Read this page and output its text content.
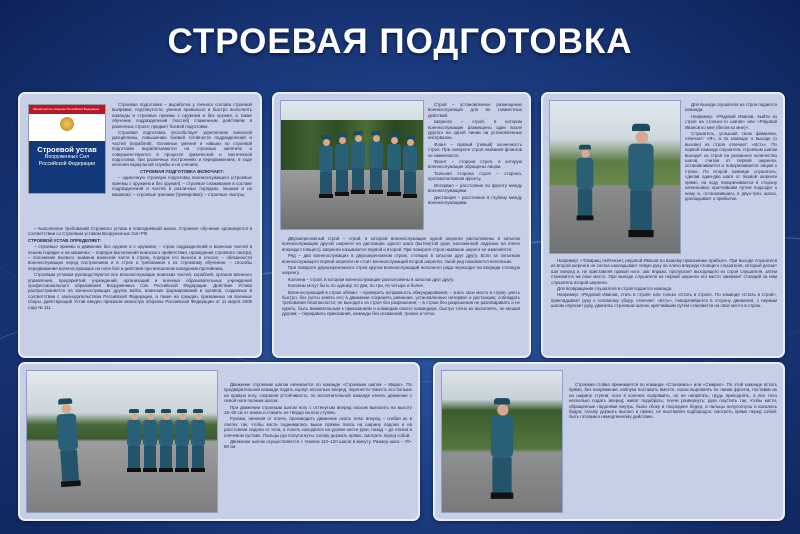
СТРОЕВАЯ ПОДГОТОВКА
Министерство обороны Российской Федерации
Строевой устав
Вооруженных Сил
Российской Федерации

Строевая подготовка – выработка у личного состава строевой выправки, подтянутости, умения правильно и быстро выполнять команды и строевые приемы с оружием и без оружия, а также обучение подразделений (частей) слаженным действиям в различных строях; предмет боевой подготовки.

Строевая подготовка способствует укреплению воинской дисциплины, повышению боевой готовности подразделений и частей (кораблей). Основные умения и навыки по строевой подготовке вырабатываются на строевых занятиях и совершенствуются в процессе физической и тактической подготовки, при различных построениях и передвижениях, в ходе несения караульной службы и на учениях.

СТРОЕВАЯ ПОДГОТОВКА ВКЛЮЧАЕТ:

– одиночную строевую подготовку военнослужащего (строевые приемы с оружием и без оружия); – строевое слаживание в составе подразделений и частей в различных порядках, пешком и на машинах; – строевые тренажи (тренировки); – строевые смотры;

– выполнение требований Строевого устава в повседневной жизни. Строевое обучение организуется в соответствии со Строевым уставом Вооруженных Сил РФ.

СТРОЕВОЙ УСТАВ ОПРЕДЕЛЯЕТ:

– строевые приемы и движение без оружия и с оружием; – строи подразделений и воинских частей в пешем порядке и на машинах; – порядок выполнения воинского приветствия, проведения строевого смотра; – положение Боевого знамени воинской части в строю, порядок его выноса и относа; – обязанности военнослужащих перед построением и в строе и требования к их строевому обучению; – способы передвижения военнослужащих на поле боя и действия при внезапном нападении противника.

Строевым уставом руководствуются все военнослужащие воинских частей, кораблей, органов военного управления, предприятий, учреждений, организаций и военных образовательных учреждений профессионального образования Вооруженных Сил Российской Федерации. Действие Устава распространяется на военнослужащих других войск, воинских формирований и органов, созданных в соответствии с законодательством Российской Федерации, а также на граждан, призванных на военные сборы. Действующий Устав введен приказом министра обороны Российской Федерации от 11 марта 2006 года № 111.

Строй – установленное размещение военнослужащих для их совместных действий.

Шеренга – строй, в котором военнослужащие размещены один возле другого на одной линии на установленных интервалах.

Фланг – правый (левый) оконечность строя. При повороте строя названия флангов не изменяются.

Фронт – сторона строя, в которую военнослужащие обращены лицом.

Тыльная сторона строя – сторона, противоположная фронту.

Интервал – расстояние по фронту между военнослужащими.

Дистанция – расстояние в глубину между военнослужащими.

Двухшереножный строй – строй, в котором военнослужащие одной шеренги расположены в затылок военнослужащим другой шеренги на дистанции одного шага (вытянутой руки, наложенной ладонью на плечо впереди стоящего). Шеренги называются первой и второй. При повороте строя название шеренг не изменяется.

Ряд – два военнослужащих в двухшереножном строю, стоящих в затылок друг другу. Если за затылком военнослужащего первой шеренги не стоит военнослужащий второй шеренги, такой ряд называется неполным.

При повороте двухшереножного строя кругом военнослужащий неполного ряда переходит во впереди стоящую шеренгу.

Колонна – строй, в котором военнослужащие расположены в затылок друг другу.

Колонны могут быть по одному, по два, по три, по четыре и более.

Военнослужащий в строю обязан: – проверить исправность обмундирования; – знать свое место в строю, уметь быстро, без суеты занять его; в движении сохранять равнение, установленные интервал и дистанцию; соблюдать требования безопасности; не выходить из строя без разрешения; – в строю без разрешения не разговаривать и не курить; быть внимательным к приказаниям и командам своего командира, быстро точно их выполнять, не мешая другим; – передавать приказания, команды без искажений, громко и четко.

Для выхода слушателя из строя подается команда:

Например: «Рядовой Иванов, выйти из строя на столько-то шагов» или «Рядовой Иванов ко мне (бегом ко мне)».

Слушатель, услышав свою фамилию, отвечает: «Я», а по команде о выходе (о вызове) из строя отвечает: «Есть». По первой команде слушатель строевым шагом выходит из строя на указанное количество шагов, считая от первой шеренги, останавливается и поворачивается лицом к строю. По второй команде слушатель, сделав один-два шага от первой шеренги прямо, на ходу поворачивается в сторону начальника, кратчайшим путем подходит к нему и, остановившись в двух-трех шагах, докладывает о прибытии.

Например: «Товарищ лейтенант, рядовой Иванов по вашему приказанию прибыл». При выходе слушателя из второй шеренги он слегка накладывает левую руку на плечо впереди стоящего слушателя, который делает шаг вперед и, не приставляя правой ноги, шаг вправо, пропускает выходящего из строя слушателя, затем становится на свое место. При выходе слушателя из первой шеренги его место занимает стоящий за ним слушатель второй шеренги.

Для возвращения слушателя в строй подается команда.

Например: «Рядовой Иванов, стать в строй» или только «Стать в строй». По команде «Стать в строй», прикладывает руку к головному убору, отвечает: «Есть», поворачивается в сторону движения, с первым шагом опускает руку, двигаясь строевым шагом, кратчайшим путем становится на свое место в строю.

Движение строевым шагом начинается по команде «Строевым шагом – Марш». По предварительной команде подать корпус несколько вперед, перенести тяжесть его больше на правую ногу, сохраняя устойчивость; по исполнительной команде начать движение с левой ноги полным шагом.

При движении строевым шагом ногу с оттянутым вперед носком выносить на высоту 15–20 см от земли и ставить ее твердо на всю ступню.

Руками, начиная от плеча, производить движение около тела: вперед – сгибая их в локтях так, чтобы кисти поднимались выше пряжки пояса на ширину ладони и на расстоянии ладони от тела, а локоть находился на уровне кисти руки; назад – до отказа в плечевом суставе. Пальцы рук полусогнуты, голову держать прямо, смотреть перед собой.

Движение шагом осуществляется с темпом 110–120 шагов в минуту. Размер шага – 70–80 см.

Строевая стойка принимается по команде «Становись» или «Смирно». По этой команде встать прямо, без напряжения, каблуки поставить вместе, носки выровнять по линии фронта, поставив их на ширину ступни; ноги в коленях выпрямить, но не напрягать; грудь приподнять, а все тело несколько подать вперед; живот подобрать; плечи развернуть; руки опустить так, чтобы кисти, обращенные ладонями внутрь, были сбоку и посредине бедер, а пальцы полусогнуты и касались бедра; голову держать высоко и прямо, не выставляя подбородок; смотреть прямо перед собой; быть готовым к немедленному действию.
